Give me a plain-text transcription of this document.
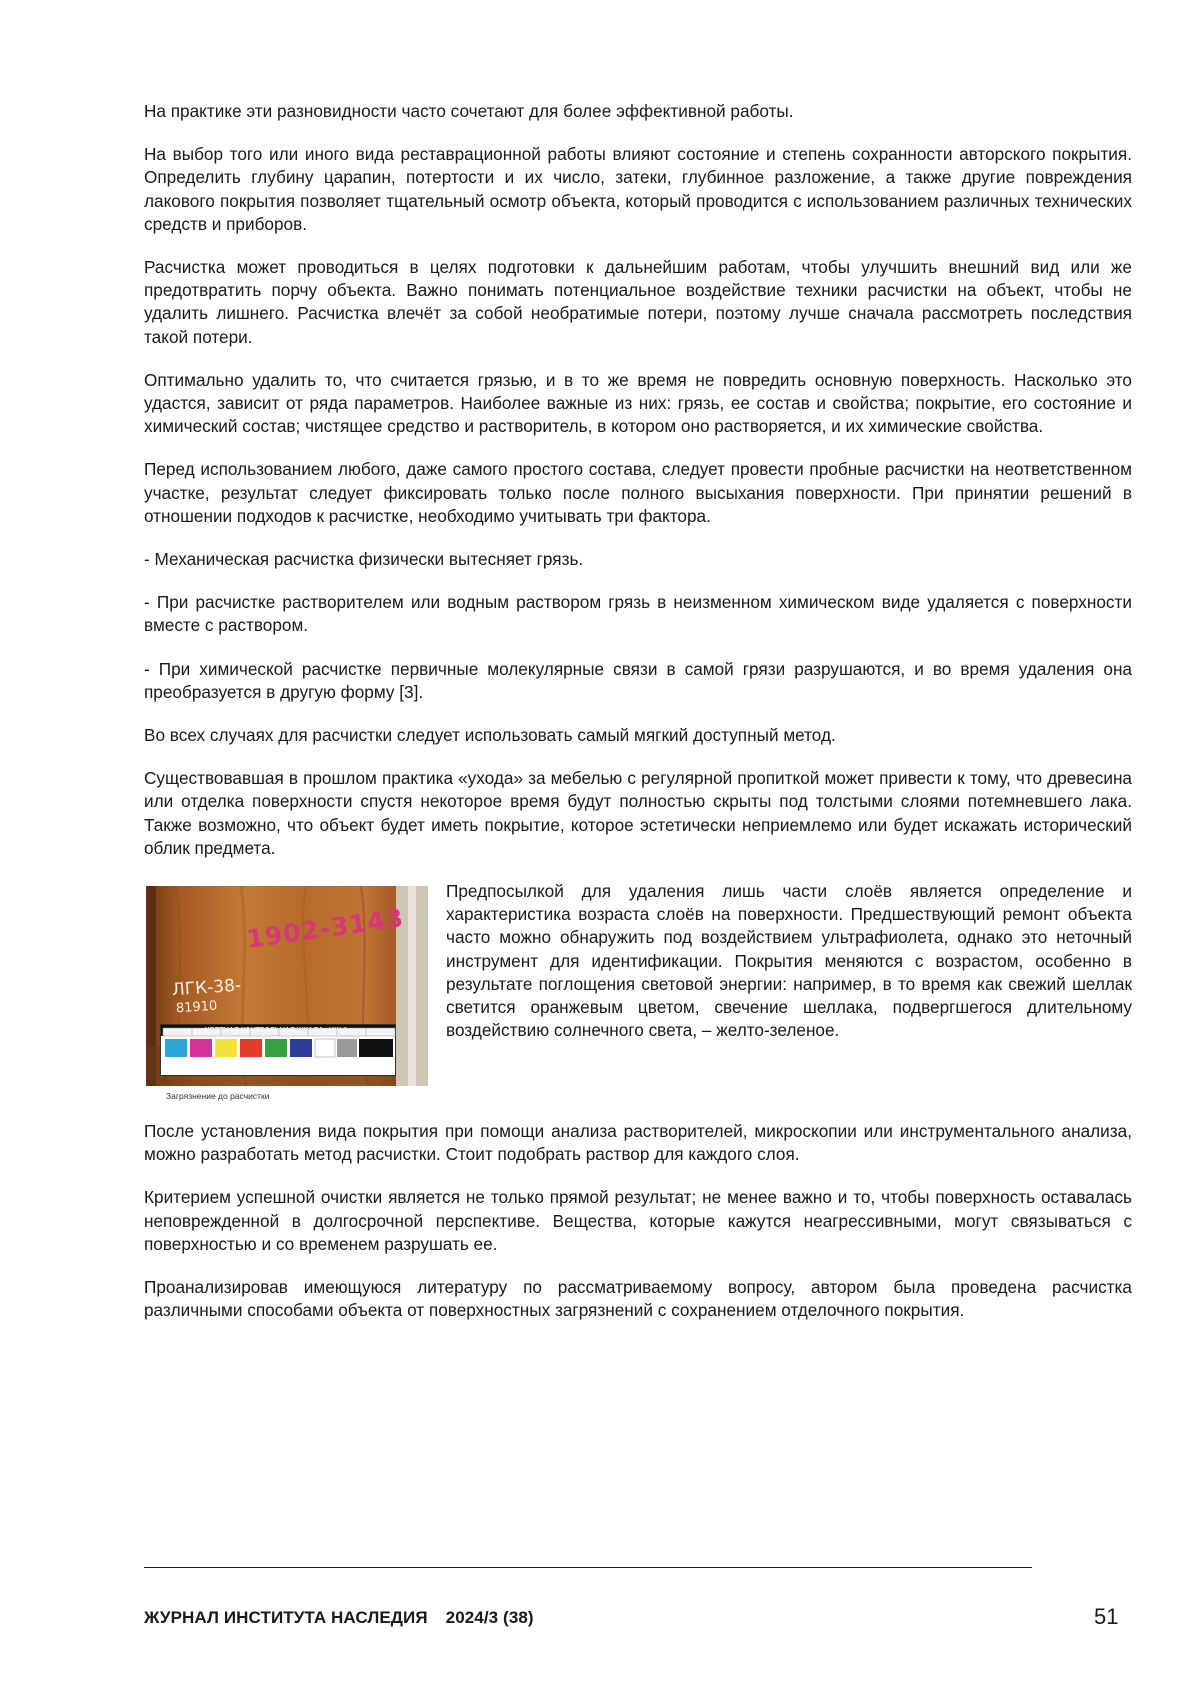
На практике эти разновидности часто сочетают для более эффективной работы.

На выбор того или иного вида реставрационной работы влияют состояние и степень сохранности авторского покрытия. Определить глубину царапин, потертости и их число, затеки, глубинное разложение, а также другие повреждения лакового покрытия позволяет тщательный осмотр объекта, который проводится с использованием различных технических средств и приборов.

Расчистка может проводиться в целях подготовки к дальнейшим работам, чтобы улучшить внешний вид или же предотвратить порчу объекта. Важно понимать потенциальное воздействие техники расчистки на объект, чтобы не удалить лишнего. Расчистка влечёт за собой необратимые потери, поэтому лучше сначала рассмотреть последствия такой потери.

Оптимально удалить то, что считается грязью, и в то же время не повредить основную поверхность. Насколько это удастся, зависит от ряда параметров. Наиболее важные из них: грязь, ее состав и свойства; покрытие, его состояние и химический состав; чистящее средство и растворитель, в котором оно растворяется, и их химические свойства.

Перед использованием любого, даже самого простого состава, следует провести пробные расчистки на неответственном участке, результат следует фиксировать только после полного высыхания поверхности. При принятии решений в отношении подходов к расчистке, необходимо учитывать три фактора.

- Механическая расчистка физически вытесняет грязь.

- При расчистке растворителем или водным раствором грязь в неизменном химическом виде удаляется с поверхности вместе с раствором.

- При химической расчистке первичные молекулярные связи в самой грязи разрушаются, и во время удаления она преобразуется в другую форму [3].

Во всех случаях для расчистки следует использовать самый мягкий доступный метод.

Существовавшая в прошлом практика «ухода» за мебелью с регулярной пропиткой может привести к тому, что древесина или отделка поверхности спустя некоторое время будут полностью скрыты под толстыми слоями потемневшего лака. Также возможно, что объект будет иметь покрытие, которое эстетически неприемлемо или будет искажать исторический облик предмета.

1902-3143
ЛГК-38-
81910
Загрязнение до расчистки

Предпосылкой для удаления лишь части слоёв является определение и характеристика возраста слоёв на поверхности. Предшествующий ремонт объекта часто можно обнаружить под воздействием ультрафиолета, однако это неточный инструмент для идентификации. Покрытия меняются с возрастом, особенно в результате поглощения световой энергии: например, в то время как свежий шеллак светится оранжевым цветом, свечение шеллака, подвергшегося длительному воздействию солнечного света, – желто-зеленое.

После установления вида покрытия при помощи анализа растворителей, микроскопии или инструментального анализа, можно разработать метод расчистки. Стоит подобрать раствор для каждого слоя.

Критерием успешной очистки является не только прямой результат; не менее важно и то, чтобы поверхность оставалась неповрежденной в долгосрочной перспективе. Вещества, которые кажутся неагрессивными, могут связываться с поверхностью и со временем разрушать ее.

Проанализировав имеющуюся литературу по рассматриваемому вопросу, автором была проведена расчистка различными способами объекта от поверхностных загрязнений с сохранением отделочного покрытия.

ЖУРНАЛ ИНСТИТУТА НАСЛЕДИЯ 2024/3 (38)	51
